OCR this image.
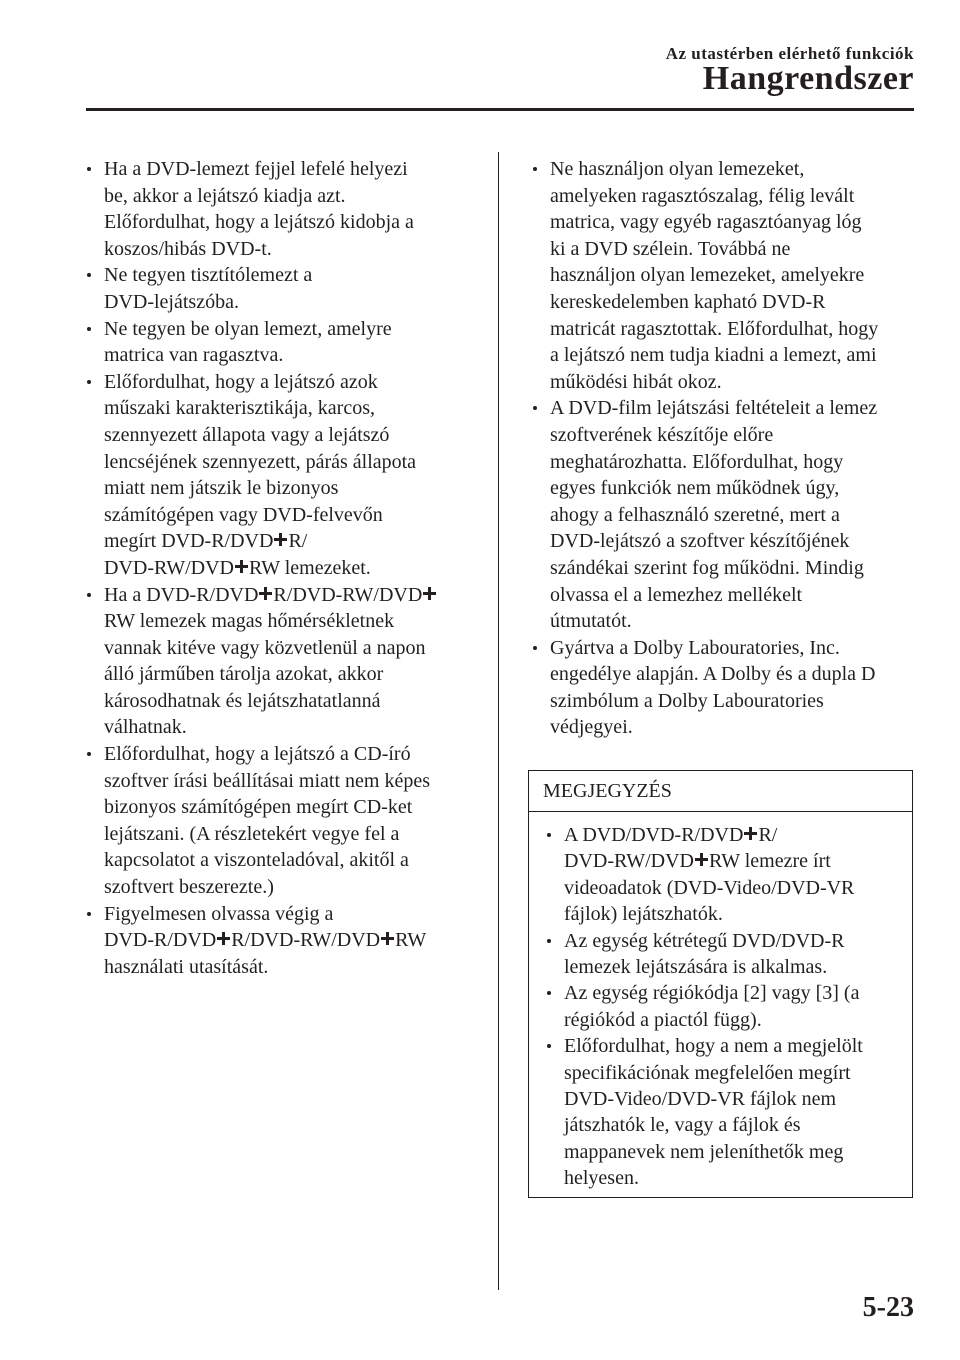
Az utastérben elérhető funkciók
Hangrendszer
Ha a DVD-lemezt fejjel lefelé helyezi
be, akkor a lejátszó kiadja azt.
Előfordulhat, hogy a lejátszó kidobja a
koszos/hibás DVD-t.
Ne tegyen tisztítólemezt a
DVD-lejátszóba.
Ne tegyen be olyan lemezt, amelyre
matrica van ragasztva.
Előfordulhat, hogy a lejátszó azok
műszaki karakterisztikája, karcos,
szennyezett állapota vagy a lejátszó
lencséjének szennyezett, párás állapota
miatt nem játszik le bizonyos
számítógépen vagy DVD-felvevőn
megírt DVD-R/DVD R/
DVD-RW/DVD RW lemezeket.
Ha a DVD-R/DVD R/DVD-RW/DVD
RW lemezek magas hőmérsékletnek
vannak kitéve vagy közvetlenül a napon
álló járműben tárolja azokat, akkor
károsodhatnak és lejátszhatatlanná
válhatnak.
Előfordulhat, hogy a lejátszó a CD-író
szoftver írási beállításai miatt nem képes
bizonyos számítógépen megírt CD-ket
lejátszani. (A részletekért vegye fel a
kapcsolatot a viszonteladóval, akitől a
szoftvert beszerezte.)
Figyelmesen olvassa végig a
DVD-R/DVD R/DVD-RW/DVD RW
használati utasítását.
Ne használjon olyan lemezeket,
amelyeken ragasztószalag, félig levált
matrica, vagy egyéb ragasztóanyag lóg
ki a DVD szélein. Továbbá ne
használjon olyan lemezeket, amelyekre
kereskedelemben kapható DVD-R
matricát ragasztottak. Előfordulhat, hogy
a lejátszó nem tudja kiadni a lemezt, ami
működési hibát okoz.
A DVD-film lejátszási feltételeit a lemez
szoftverének készítője előre
meghatározhatta. Előfordulhat, hogy
egyes funkciók nem működnek úgy,
ahogy a felhasználó szeretné, mert a
DVD-lejátszó a szoftver készítőjének
szándékai szerint fog működni. Mindig
olvassa el a lemezhez mellékelt
útmutatót.
Gyártva a Dolby Labouratories, Inc.
engedélye alapján. A Dolby és a dupla D
szimbólum a Dolby Labouratories
védjegyei.
MEGJEGYZÉS
A DVD/DVD-R/DVD R/
DVD-RW/DVD RW lemezre írt
videoadatok (DVD-Video/DVD-VR
fájlok) lejátszhatók.
Az egység kétrétegű DVD/DVD-R
lemezek lejátszására is alkalmas.
Az egység régiókódja [2] vagy [3] (a
régiókód a piactól függ).
Előfordulhat, hogy a nem a megjelölt
specifikációnak megfelelően megírt
DVD-Video/DVD-VR fájlok nem
játszhatók le, vagy a fájlok és
mappanevek nem jeleníthetők meg
helyesen.
5-23
